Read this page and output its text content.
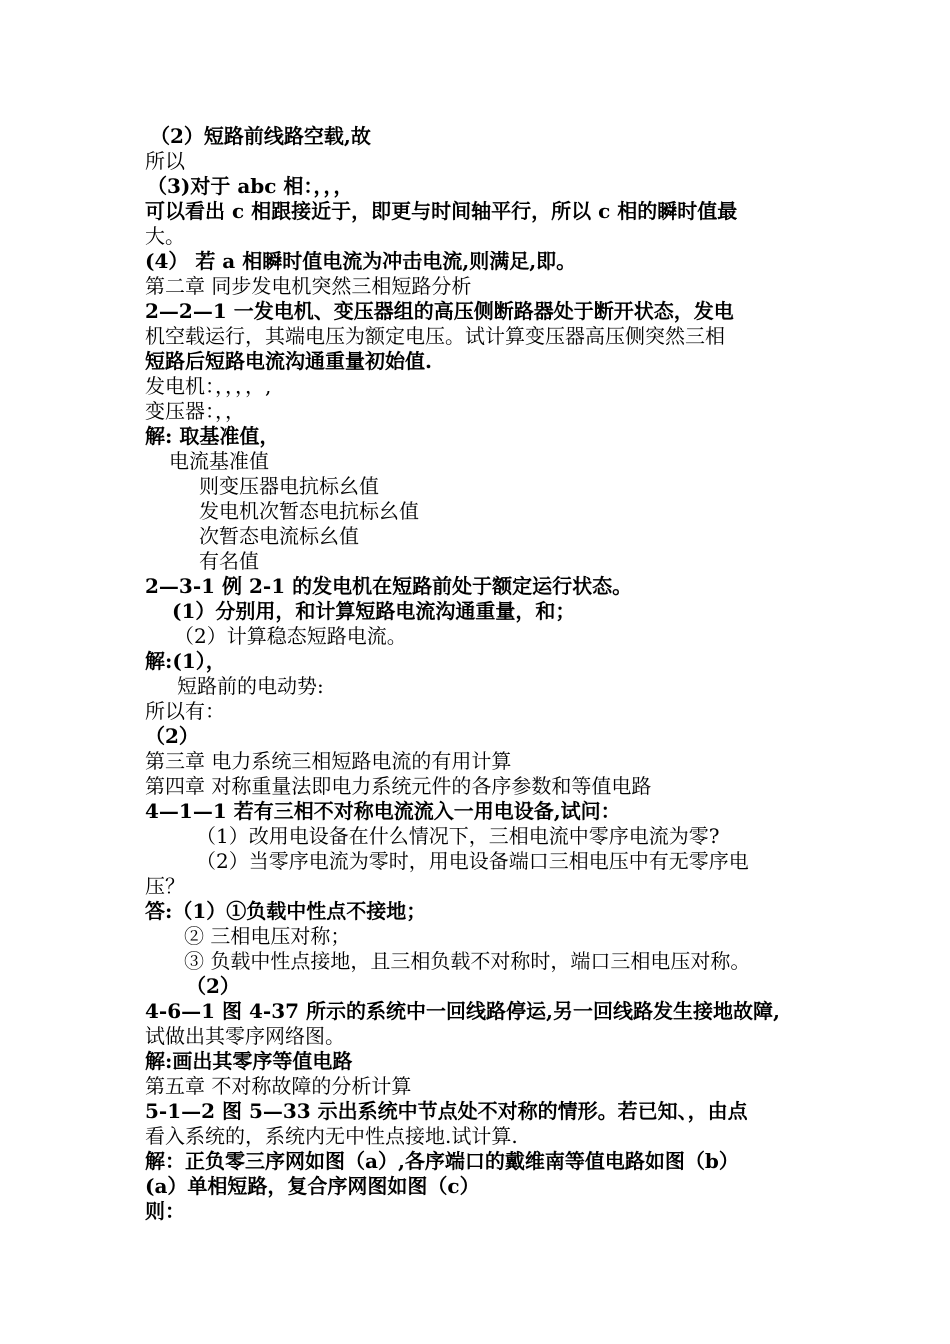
（2）短路前线路空载,故
所以
（3)对于 abc 相：，，，
可以看出 c 相跟接近于，即更与时间轴平行，所以 c 相的瞬时值最
大。
(4） 若 a 相瞬时值电流为冲击电流,则满足,即。
第二章 同步发电机突然三相短路分析
2—2—1 一发电机、变压器组的高压侧断路器处于断开状态，发电
机空载运行，其端电压为额定电压。试计算变压器高压侧突然三相
短路后短路电流沟通重量初始值.
发电机：，，，，,
变压器：，，
解: 取基准值，
电流基准值
则变压器电抗标幺值
发电机次暂态电抗标幺值
次暂态电流标幺值
有名值
2—3-1 例 2-1 的发电机在短路前处于额定运行状态。
(1）分别用，和计算短路电流沟通重量，和；
（2）计算稳态短路电流。
解:(1），
短路前的电动势:
所以有：
（2）
第三章 电力系统三相短路电流的有用计算
第四章 对称重量法即电力系统元件的各序参数和等值电路
4—1—1 若有三相不对称电流流入一用电设备,试问：
（1）改用电设备在什么情况下，三相电流中零序电流为零?
（2）当零序电流为零时，用电设备端口三相电压中有无零序电
压？
答:（1）①负载中性点不接地；
② 三相电压对称；
③ 负载中性点接地，且三相负载不对称时，端口三相电压对称。
（2）
4-6—1 图 4-37 所示的系统中一回线路停运,另一回线路发生接地故障,
试做出其零序网络图。
解:画出其零序等值电路
第五章 不对称故障的分析计算
5-1—2 图 5—33 示出系统中节点处不对称的情形。若已知、，由点
看入系统的，系统内无中性点接地.试计算.
解：正负零三序网如图（a）,各序端口的戴维南等值电路如图（b）
(a）单相短路，复合序网图如图（c）
则：
